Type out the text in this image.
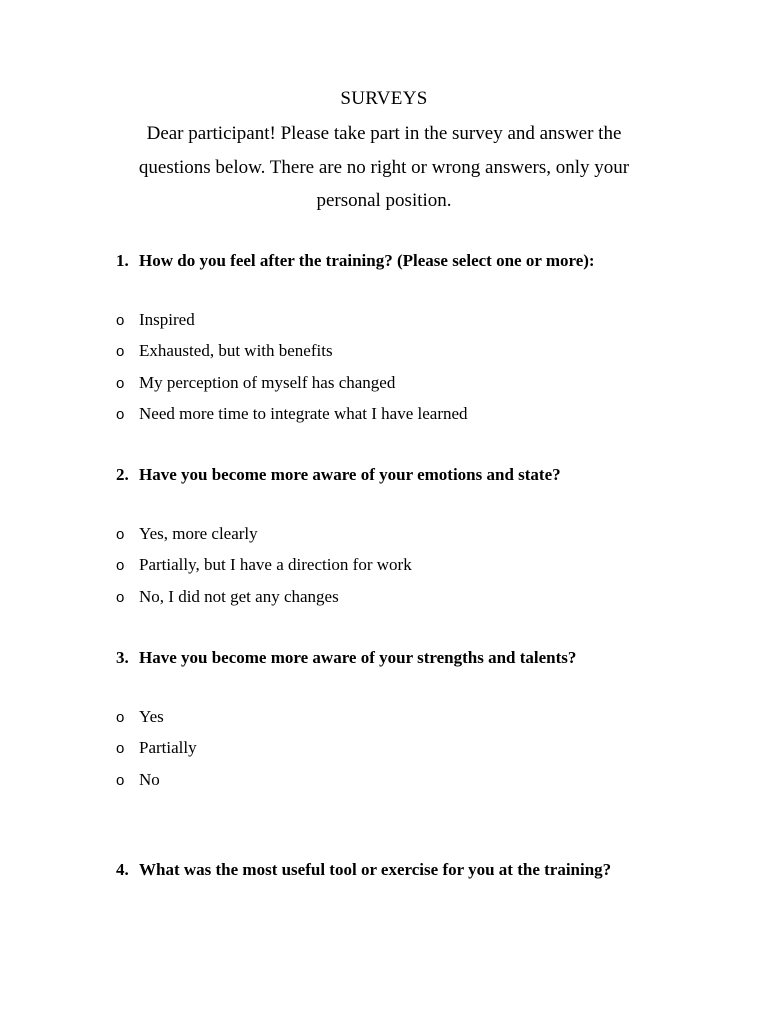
SURVEYS
Dear participant! Please take part in the survey and answer the questions below. There are no right or wrong answers, only your personal position.
1. How do you feel after the training? (Please select one or more):
o Inspired
o Exhausted, but with benefits
o My perception of myself has changed
o Need more time to integrate what I have learned
2. Have you become more aware of your emotions and state?
o Yes, more clearly
o Partially, but I have a direction for work
o No, I did not get any changes
3. Have you become more aware of your strengths and talents?
o Yes
o Partially
o No
4. What was the most useful tool or exercise for you at the training?
